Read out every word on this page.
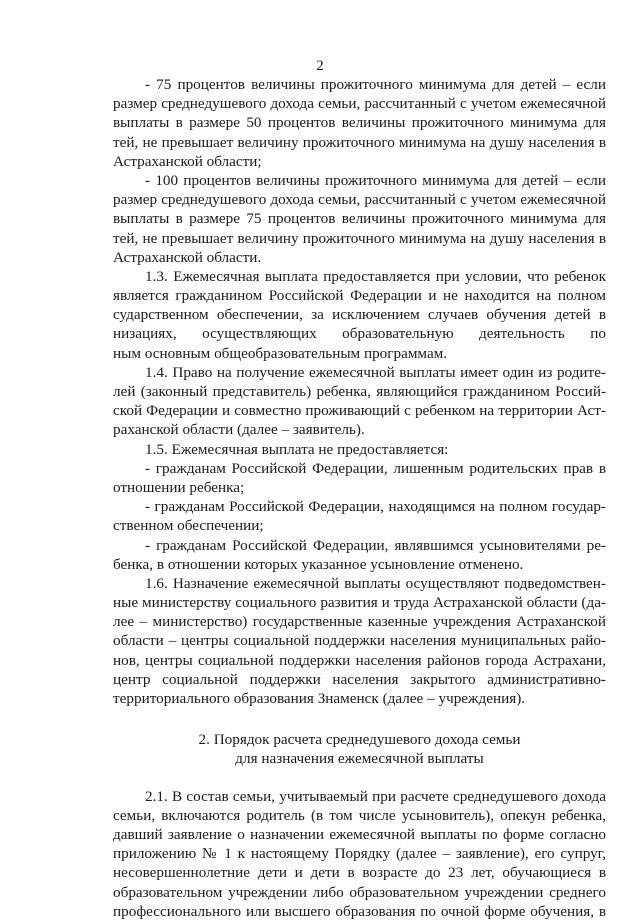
2
- 75 процентов величины прожиточного минимума для детей – если
размер среднедушевого дохода семьи, рассчитанный с учетом ежемесячной
выплаты в размере 50 процентов величины прожиточного минимума для
тей, не превышает величину прожиточного минимума на душу населения в
Астраханской области;
- 100 процентов величины прожиточного минимума для детей – если
размер среднедушевого дохода семьи, рассчитанный с учетом ежемесячной
выплаты в размере 75 процентов величины прожиточного минимума для
тей, не превышает величину прожиточного минимума на душу населения в
Астраханской области.
1.3. Ежемесячная выплата предоставляется при условии, что ребенок
является гражданином Российской Федерации и не находится на полном
сударственном обеспечении, за исключением случаев обучения детей в
низациях, осуществляющих образовательную деятельность по
ным основным общеобразовательным программам.
1.4. Право на получение ежемесячной выплаты имеет один из родите-
лей (законный представитель) ребенка, являющийся гражданином Россий-
ской Федерации и совместно проживающий с ребенком на территории Аст-
раханской области (далее – заявитель).
1.5. Ежемесячная выплата не предоставляется:
- гражданам Российской Федерации, лишенным родительских прав в
отношении ребенка;
- гражданам Российской Федерации, находящимся на полном государ-
ственном обеспечении;
- гражданам Российской Федерации, являвшимся усыновителями ре-
бенка, в отношении которых указанное усыновление отменено.
1.6. Назначение ежемесячной выплаты осуществляют подведомствен-
ные министерству социального развития и труда Астраханской области (да-
лее – министерство) государственные казенные учреждения Астраханской
области – центры социальной поддержки населения муниципальных райо-
нов, центры социальной поддержки населения районов города Астрахани,
центр социальной поддержки населения закрытого административно-
территориального образования Знаменск (далее – учреждения).
2. Порядок расчета среднедушевого дохода семьи
для назначения ежемесячной выплаты
2.1. В состав семьи, учитываемый при расчете среднедушевого дохода
семьи, включаются родитель (в том числе усыновитель), опекун ребенка,
давший заявление о назначении ежемесячной выплаты по форме согласно
приложению № 1 к настоящему Порядку (далее – заявление), его супруг,
несовершеннолетние дети и дети в возрасте до 23 лет, обучающиеся в
образовательном учреждении либо образовательном учреждении среднего
профессионального или высшего образования по очной форме обучения, в
